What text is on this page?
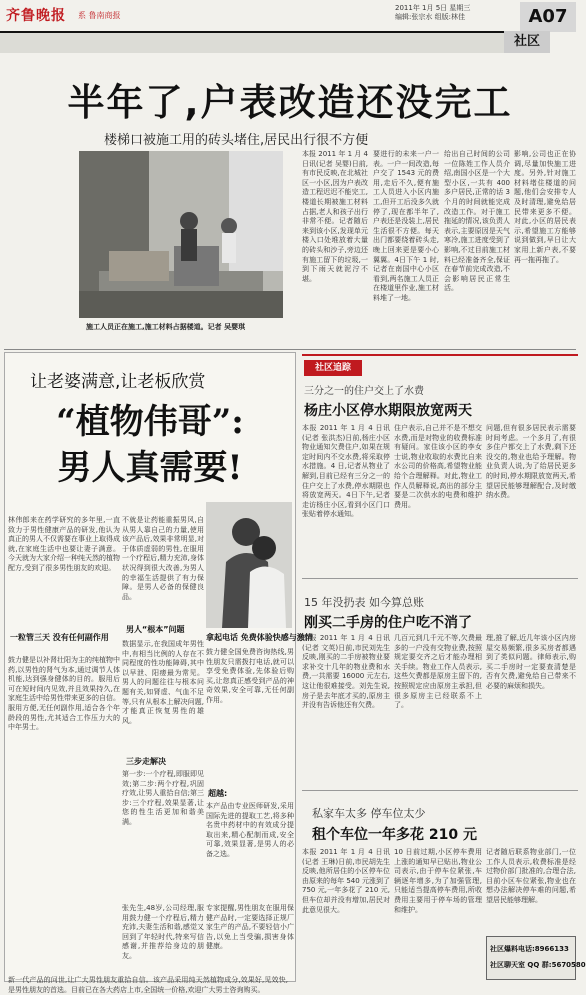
齐鲁晚报 系 鲁南商报
2011年 1月 5日 星期三
编辑:张宗水 组版:林佳	A07
社区
半年了,户表改造还没完工
楼梯口被施工用的砖头堵住,居民出行很不方便
施工人员正在施工,施工材料占据楼道。记者 吴婴琪
本报 2011 年 1 月 4 日讯(记者 吴婴)日前,有市民反映,在北城社区一小区,因为户表改造工程迟迟不能完工,楼道长期被施工材料占据,老人和孩子出行非常不便。记者随后来到该小区,发现单元楼入口处堆放着大量的砖头和沙子,旁边还有施工留下的垃圾,一到下雨天就泥泞不堪。
要进行的未来一户一表。一户一间改造,每户交了 1543 元的费用,走后不久,便有施工人员进入小区内施工,但开工后没多久就停了,现在都半年了,户表还是没装上,居民生活很不方便。每天出门都要绕着砖头走,晚上回来更是要小心翼翼。4日下午 1 时,记者在南国中心小区看到,两名施工人员正在楼道里作业,施工材料堆了一地。
给出自己时间的公司一位陈姓工作人员介绍,南国小区是一个大型小区,一共有 400 多户居民,正常的话 3 个月的时间就能完成改造工作。对于施工拖延的情况,该负责人表示,主要原因是天气寒冷,施工进度受到了影响,不过目前施工材料已经准备齐全,保证在春节前完成改造,不会影响居民正常生活。
影响,公司也正在协调,尽量加快施工进度。另外,针对施工材料堵住楼道的问题,他们会安排专人及时清理,避免给居民带来更多不便。对此,小区的居民表示,希望施工方能够说到做到,早日让大家用上新户表,不要再一拖再拖了。
让老婆满意,让老板欣赏
“植物伟哥”:
男人真需要!
林伟郎来在药学研究的多年里,一直致力于男性健康产品的研发,他认为真正的男人不仅需要在事业上取得成就,在家庭生活中也要让妻子满意。今天就为大家介绍一种纯天然的植物配方,受到了很多男性朋友的欢迎。
一粒管三天 没有任何副作用
鼓力健是以补肾壮阳为主的纯植物中药,以男性的肾气为本,通过调节人体机能,达到强身健体的目的。服用后可在短时间内见效,并且效果持久,在家庭生活中给男性带来更多的自信。服用方便,无任何副作用,适合各个年龄段的男性,尤其适合工作压力大的中年男士。
不就是让药能重振男风,自从男人靠自己的力量,使用该产品后,效果非常明显,对于体质虚弱的男性,在服用一个疗程后,精力充沛,身体状况得到很大改善,为男人的幸福生活提供了有力保障。是男人必备的保健良品。
男人“根本”问题
数据显示,在我国成年男性中,有相当比例的人存在不同程度的性功能障碍,其中以早泄、阳痿最为常见。男人的问题往往与根本问题有关,如肾虚、气血不足等,只有从根本上解决问题,才能真正恢复男性的雄风。
三步走解决
第一步:一个疗程,即服即见效;第二步:两个疗程,巩固疗效,让男人重拾自信;第三步:三个疗程,效果显著,让您的性生活更加和谐美满。
张先生,48岁,公司经理,服用鼓力健一个疗程后,精力充沛,夫妻生活和谐,感觉又回到了年轻时代,特来写信感谢,并推荐给身边的朋友。
拿起电话 免费体验快感与激情
鼓力健全国免费咨询热线,男性朋友只需拨打电话,就可以享受免费体验,先体验后购买,让您真正感受到产品的神奇效果,安全可靠,无任何副作用。
超越:
本产品由专业医师研发,采用国际先进的提取工艺,将多种名贵中药材中的有效成分提取出来,精心配制而成,安全可靠,效果显著,是男人的必备之选。
专家提醒,男性朋友在服用保健产品时,一定要选择正规厂家生产的产品,不要轻信小广告,以免上当受骗,损害身体健康。
新一代产品的问世,让广大男性朋友重拾自信。该产品采用纯天然植物成分,效果好,见效快,是男性朋友的首选。目前已在各大药店上市,全国统一价格,欢迎广大男士咨询购买。
社区追踪
三分之一的住户交上了水费
杨庄小区停水期限放宽两天
本报 2011 年 1 月 4 日讯(记者 张洪杰)日前,杨庄小区物业通知欠费住户,如果在规定时间内不交水费,将采取停水措施。4 日,记者从物业了解到,目前已经有三分之一的住户交上了水费,停水期限也将放宽两天。4日下午,记者走访杨庄小区,看到小区门口张贴着停水通知。
住户表示,自己并不是不想交水费,而是对物业的收费标准有疑问。家住该小区的李女士说,物业收取的水费比自来水公司的价格高,希望物业能给个合理解释。对此,物业工作人员解释说,高出的部分主要是二次供水的电费和维护费用。
问题,但有很多居民表示需要时间考虑。一个多月了,有很多住户都交上了水费,剩下还没交的,物业也给予理解。物业负责人说,为了给居民更多的时间,停水期限放宽两天,希望居民能够理解配合,及时缴纳水费。
15 年没扔表 如今算总账
刚买二手房的住户吃不消了
本报 2011 年 1 月 4 日讯(记者 文英)日前,市民刘先生反映,刚买的二手房被物业要求补交十几年的物业费和水费,一共需要 16000 元左右,这让他很难接受。刘先生说,房子是去年底才买的,原房主并没有告诉他还有欠费。
几百元到几千元不等,欠费最多的一户没有交物业费,按照规定要交齐之后才能办理相关手续。物业工作人员表示,这些欠费都是原房主留下的,按照规定应由原房主承担,但很多原房主已经联系不上了。
理,推了解,近几年该小区内房屋交易频繁,很多买房者都遇到了类似问题。律师表示,购买二手房时一定要查清楚是否有欠费,避免给自己带来不必要的麻烦和损失。
私家车太多 停车位太少
租个车位一年多花 210 元
本报 2011 年 1 月 4 日讯(记者 王琳)日前,市民胡先生反映,他所居住的小区停车位由原来的每年 540 元涨到了 750 元,一年多花了 210 元,但车位却并没有增加,居民对此意见很大。
10 日前过期,小区停车费用上涨的通知早已贴出,物业公司表示,由于停车位紧张,车辆逐年增多,为了加强管理,只能适当提高停车费用,所收费用主要用于停车场的管理和维护。
记者随后联系物业部门,一位工作人员表示,收费标准是经过物价部门批准的,合理合法,目前小区车位紧张,物业也在想办法解决停车难的问题,希望居民能够理解。
社区爆料电话:8966133
社区聊天室 QQ 群:5670580
